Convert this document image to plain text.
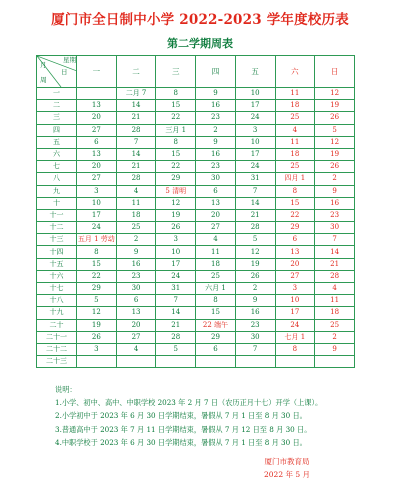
厦门市全日制中小学 2022-2023 学年度校历表
第二学期周表
星期
日
月
周	一	二	三	四	五	六	日
一		二月 7	8	9	10	11	12
二	13	14	15	16	17	18	19
三	20	21	22	23	24	25	26
四	27	28	三月 1	2	3	4	5
五	6	7	8	9	10	11	12
六	13	14	15	16	17	18	19
七	20	21	22	23	24	25	26
八	27	28	29	30	31	四月 1	2
九	3	4	5 清明	6	7	8	9
十	10	11	12	13	14	15	16
十一	17	18	19	20	21	22	23
十二	24	25	26	27	28	29	30
十三	五月 1 劳动	2	3	4	5	6	7
十四	8	9	10	11	12	13	14
十五	15	16	17	18	19	20	21
十六	22	23	24	25	26	27	28
十七	29	30	31	六月 1	2	3	4
十八	5	6	7	8	9	10	11
十九	12	13	14	15	16	17	18
二十	19	20	21	22 端午	23	24	25
二十一	26	27	28	29	30	七月 1	2
二十二	3	4	5	6	7	8	9
二十三							
说明：
1.小学、初中、高中、中职学校 2023 年 2 月 7 日（农历正月十七）开学（上课）。
2.小学初中于 2023 年 6 月 30 日学期结束，暑假从 7 月 1 日至 8 月 30 日。
3.普通高中于 2023 年 7 月 11 日学期结束，暑假从 7 月 12 日至 8 月 30 日。
4.中职学校于 2023 年 6 月 30 日学期结束，暑假从 7 月 1 日至 8 月 30 日。
厦门市教育局
2022 年 5 月
